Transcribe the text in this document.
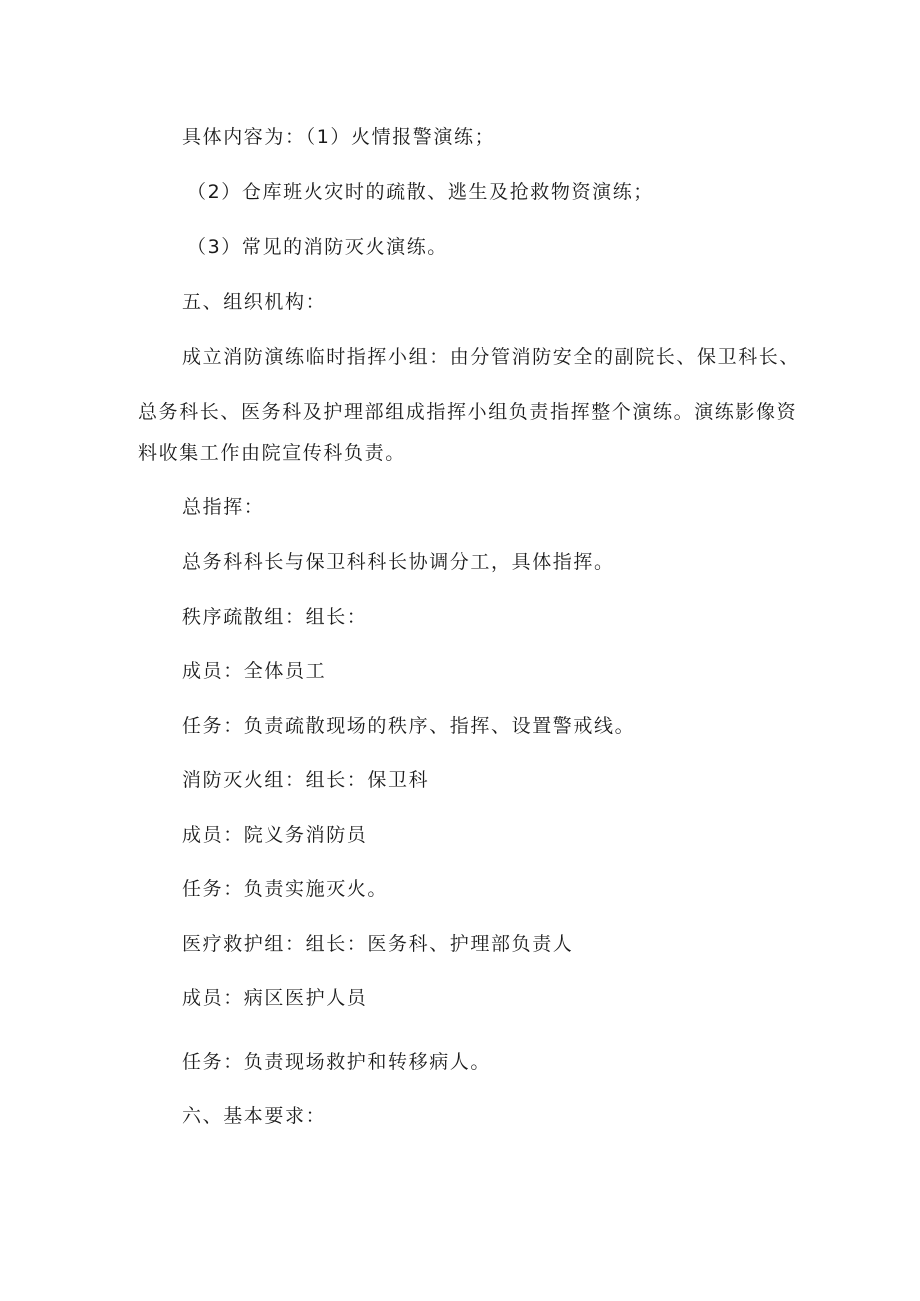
具体内容为：（1）火情报警演练；
（2）仓库班火灾时的疏散、逃生及抢救物资演练；
（3）常见的消防灭火演练。
五、组织机构：
成立消防演练临时指挥小组：由分管消防安全的副院长、保卫科长、
总务科长、医务科及护理部组成指挥小组负责指挥整个演练。演练影像资
料收集工作由院宣传科负责。
总指挥：
总务科科长与保卫科科长协调分工，具体指挥。
秩序疏散组：组长：
成员：全体员工
任务：负责疏散现场的秩序、指挥、设置警戒线。
消防灭火组：组长：保卫科
成员：院义务消防员
任务：负责实施灭火。
医疗救护组：组长：医务科、护理部负责人
成员：病区医护人员
任务：负责现场救护和转移病人。
六、基本要求：
